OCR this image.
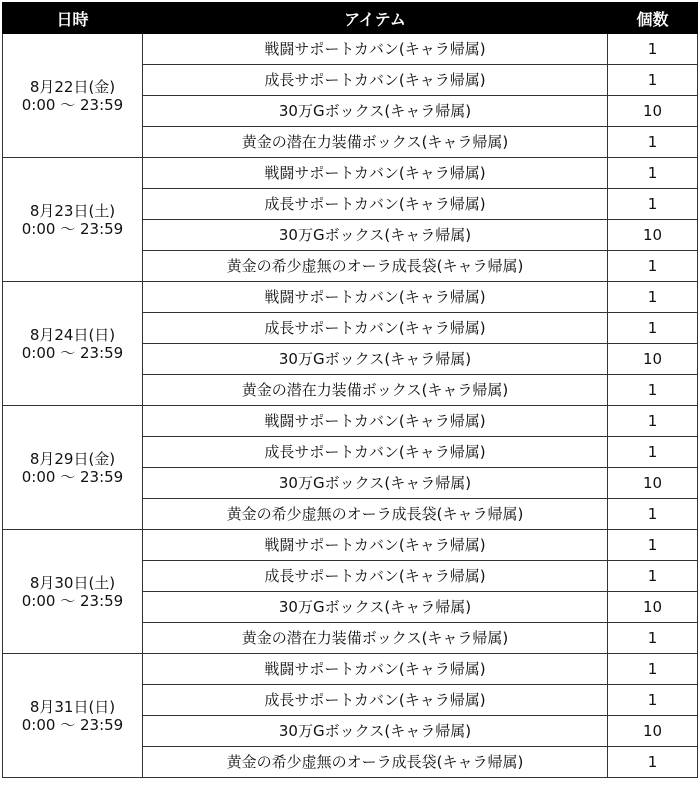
日時	アイテム	個数

8月22日(金)
0:00 〜 23:59	戦闘サポートカバン(キャラ帰属)	1
	成長サポートカバン(キャラ帰属)	1
	30万Gボックス(キャラ帰属)	10
	黄金の潜在力装備ボックス(キャラ帰属)	1

8月23日(土)
0:00 〜 23:59	戦闘サポートカバン(キャラ帰属)	1
	成長サポートカバン(キャラ帰属)	1
	30万Gボックス(キャラ帰属)	10
	黄金の希少虚無のオーラ成長袋(キャラ帰属)	1

8月24日(日)
0:00 〜 23:59	戦闘サポートカバン(キャラ帰属)	1
	成長サポートカバン(キャラ帰属)	1
	30万Gボックス(キャラ帰属)	10
	黄金の潜在力装備ボックス(キャラ帰属)	1

8月29日(金)
0:00 〜 23:59	戦闘サポートカバン(キャラ帰属)	1
	成長サポートカバン(キャラ帰属)	1
	30万Gボックス(キャラ帰属)	10
	黄金の希少虚無のオーラ成長袋(キャラ帰属)	1

8月30日(土)
0:00 〜 23:59	戦闘サポートカバン(キャラ帰属)	1
	成長サポートカバン(キャラ帰属)	1
	30万Gボックス(キャラ帰属)	10
	黄金の潜在力装備ボックス(キャラ帰属)	1

8月31日(日)
0:00 〜 23:59	戦闘サポートカバン(キャラ帰属)	1
	成長サポートカバン(キャラ帰属)	1
	30万Gボックス(キャラ帰属)	10
	黄金の希少虚無のオーラ成長袋(キャラ帰属)	1
